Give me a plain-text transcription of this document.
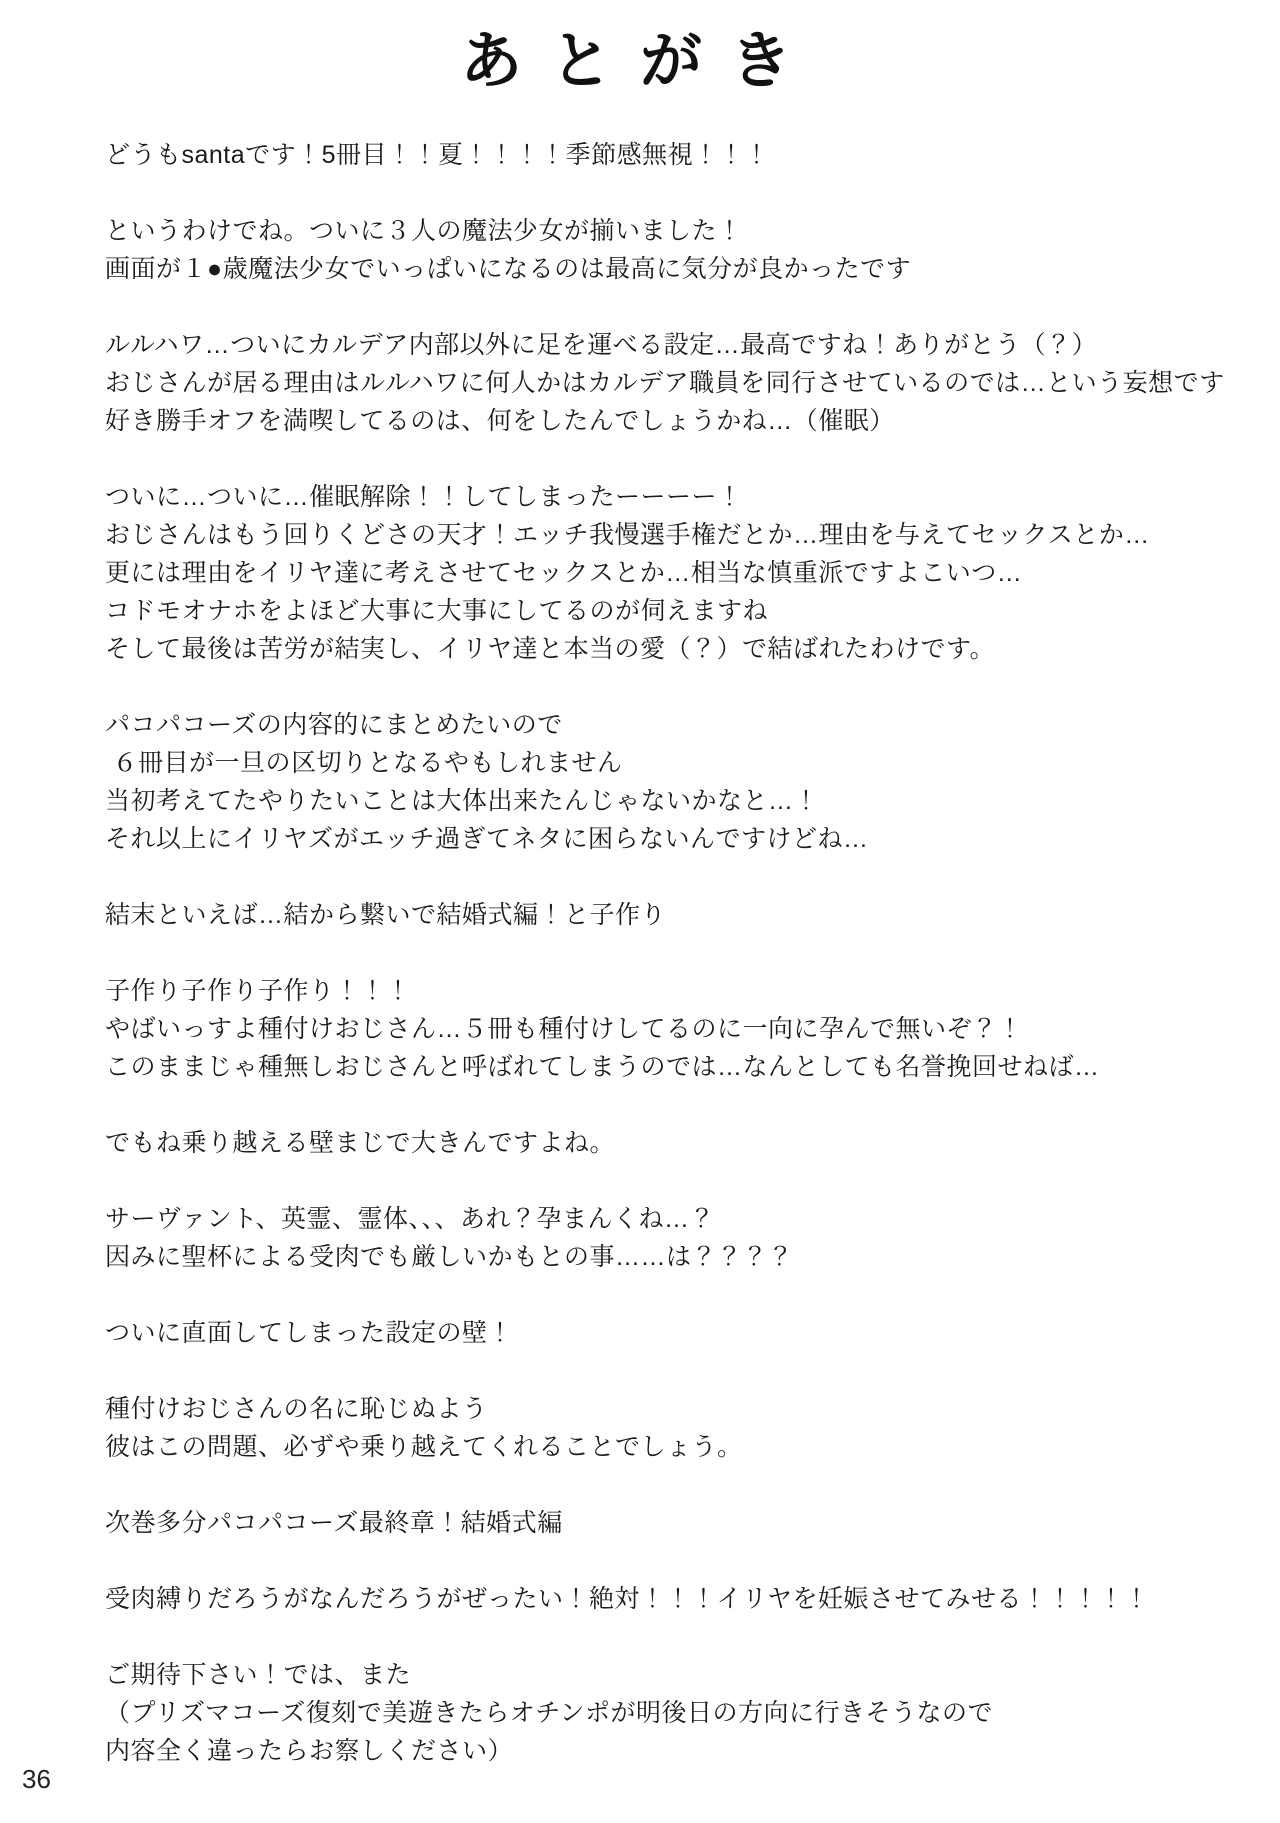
あとがき

どうもsantaです！5冊目！！夏！！！！季節感無視！！！

というわけでね。ついに３人の魔法少女が揃いました！
画面が１●歳魔法少女でいっぱいになるのは最高に気分が良かったです

ルルハワ…ついにカルデア内部以外に足を運べる設定…最高ですね！ありがとう（？）
おじさんが居る理由はルルハワに何人かはカルデア職員を同行させているのでは…という妄想です
好き勝手オフを満喫してるのは、何をしたんでしょうかね…（催眠）

ついに…ついに…催眠解除！！してしまったーーーー！
おじさんはもう回りくどさの天才！エッチ我慢選手権だとか…理由を与えてセックスとか…
更には理由をイリヤ達に考えさせてセックスとか…相当な慎重派ですよこいつ…
コドモオナホをよほど大事に大事にしてるのが伺えますね
そして最後は苦労が結実し、イリヤ達と本当の愛（？）で結ばれたわけです。

パコパコーズの内容的にまとめたいので
６冊目が一旦の区切りとなるやもしれません
当初考えてたやりたいことは大体出来たんじゃないかなと…！
それ以上にイリヤズがエッチ過ぎてネタに困らないんですけどね…

結末といえば…結から繋いで結婚式編！と子作り

子作り子作り子作り！！！
やばいっすよ種付けおじさん…５冊も種付けしてるのに一向に孕んで無いぞ？！
このままじゃ種無しおじさんと呼ばれてしまうのでは…なんとしても名誉挽回せねば…

でもね乗り越える壁まじで大きんですよね。

サーヴァント、英霊、霊体、、、あれ？孕まんくね…？
因みに聖杯による受肉でも厳しいかもとの事……は？？？？

ついに直面してしまった設定の壁！

種付けおじさんの名に恥じぬよう
彼はこの問題、必ずや乗り越えてくれることでしょう。

次巻多分パコパコーズ最終章！結婚式編

受肉縛りだろうがなんだろうがぜったい！絶対！！！イリヤを妊娠させてみせる！！！！！

ご期待下さい！では、また
（プリズマコーズ復刻で美遊きたらオチンポが明後日の方向に行きそうなので
内容全く違ったらお察しください）

36
